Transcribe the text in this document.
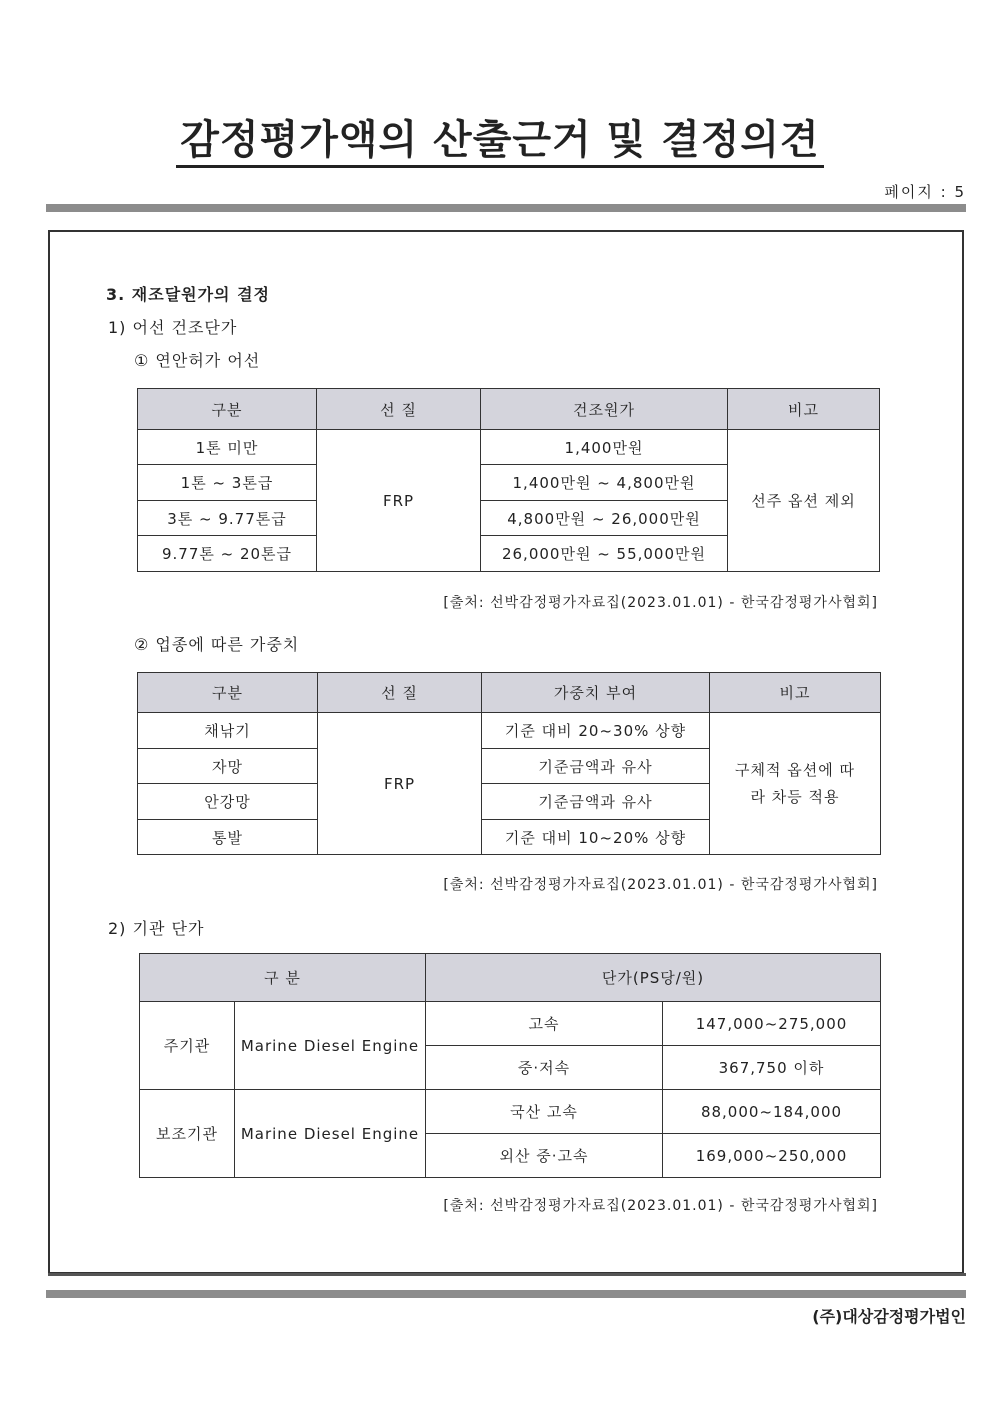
감정평가액의 산출근거 및 결정의견
페이지 : 5
3. 재조달원가의 결정
1) 어선 건조단가
① 연안허가 어선
구분	선 질	건조원가	비고
1톤 미만	FRP	1,400만원	선주 옵션 제외
1톤 ~ 3톤급		1,400만원 ~ 4,800만원	
3톤 ~ 9.77톤급		4,800만원 ~ 26,000만원	
9.77톤 ~ 20톤급		26,000만원 ~ 55,000만원	
[출처: 선박감정평가자료집(2023.01.01) - 한국감정평가사협회]
② 업종에 따른 가중치
구분	선 질	가중치 부여	비고
채낚기	FRP	기준 대비 20~30% 상향	구체적 옵션에 따라 차등 적용
자망		기준금액과 유사	
안강망		기준금액과 유사	
통발		기준 대비 10~20% 상향	
[출처: 선박감정평가자료집(2023.01.01) - 한국감정평가사협회]
2) 기관 단가
구 분		단가(PS당/원)	
주기관	Marine Diesel Engine	고속	147,000~275,000
		중·저속	367,750 이하
보조기관	Marine Diesel Engine	국산 고속	88,000~184,000
		외산 중·고속	169,000~250,000
[출처: 선박감정평가자료집(2023.01.01) - 한국감정평가사협회]
(주)대상감정평가법인
